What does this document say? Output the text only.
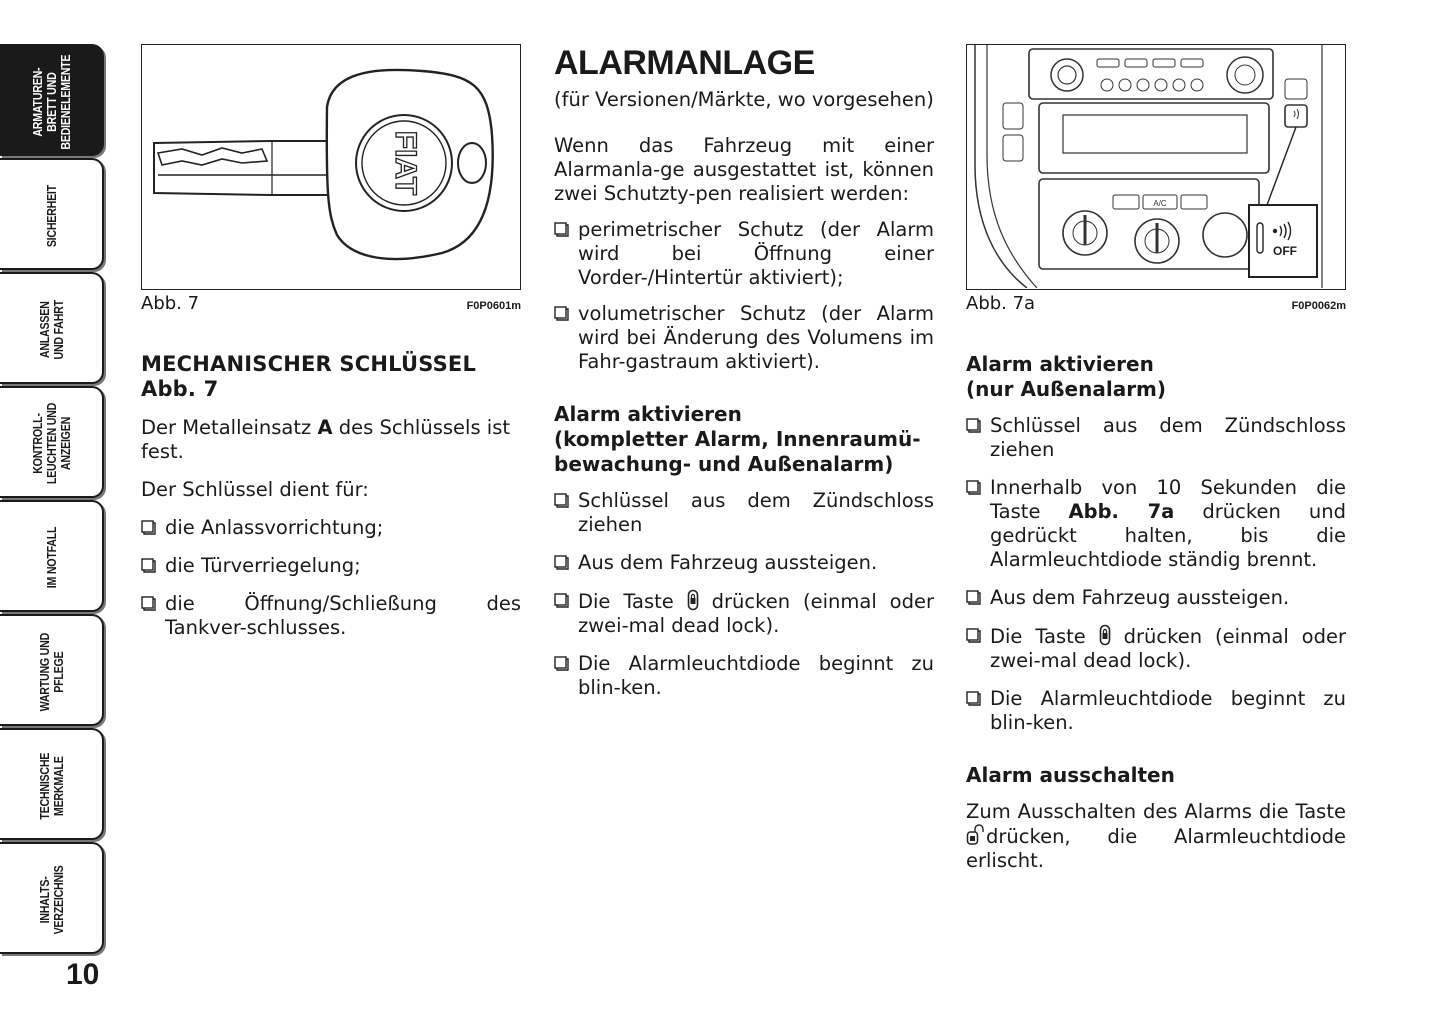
ARMATUREN-
BRETT UND
BEDIENELEMENTE
SICHERHEIT
ANLASSEN
UND FAHRT
KONTROLL-
LEUCHTEN UND
ANZEIGEN
IM NOTFALL
WARTUNG UND
PFLEGE
TECHNISCHE
MERKMALE
INHALTS-
VERZEICHNIS
10
FIAT
Abb. 7	F0P0601m
MECHANISCHER SCHLÜSSEL
Abb. 7

Der Metalleinsatz A des Schlüssels ist fest.

Der Schlüssel dient für:

die Anlassvorrichtung;
die Türverriegelung;
die Öffnung/Schließung des Tankver-schlusses.
ALARMANLAGE

(für Versionen/Märkte, wo vorgesehen)

Wenn das Fahrzeug mit einer Alarmanla-ge ausgestattet ist, können zwei Schutzty-pen realisiert werden:

perimetrischer Schutz (der Alarm wird bei Öffnung einer Vorder-/Hintertür aktiviert);
volumetrischer Schutz (der Alarm wird bei Änderung des Volumens im Fahr-gastraum aktiviert).
Alarm aktivieren
(kompletter Alarm, Innenraumü-
bewachung- und Außenalarm)
Schlüssel aus dem Zündschloss ziehen
Aus dem Fahrzeug aussteigen.
Die Taste  drücken (einmal oder zwei-mal dead lock).
Die Alarmleuchtdiode beginnt zu blin-ken.
A/C
OFF
Abb. 7a	F0P0062m
Alarm aktivieren
(nur Außenalarm)
Schlüssel aus dem Zündschloss ziehen
Innerhalb von 10 Sekunden die Taste Abb. 7a drücken und gedrückt halten, bis die Alarmleuchtdiode ständig brennt.
Aus dem Fahrzeug aussteigen.
Die Taste  drücken (einmal oder zwei-mal dead lock).
Die Alarmleuchtdiode beginnt zu blin-ken.
Alarm ausschalten

Zum Ausschalten des Alarms die Taste drücken, die Alarmleuchtdiode erlischt.
